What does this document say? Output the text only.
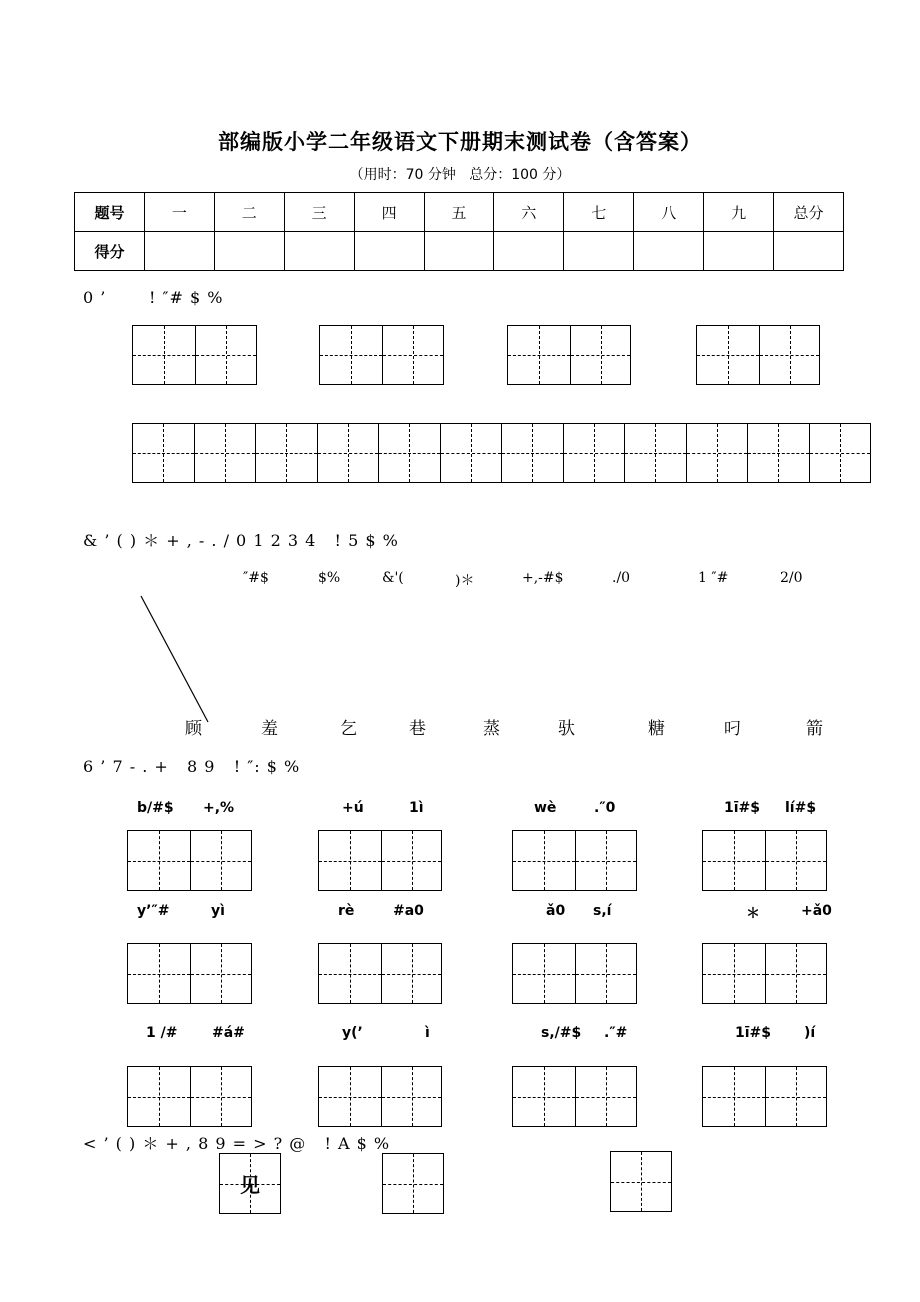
部编版小学二年级语文下册期末测试卷（含答案）
（用时：70 分钟   总分：100 分）
题号	一	二	三	四	五	六	七	八	九	总分
得分										
0 ’       ! ″# $ %
& ’ ( ) ＊ + , - . / 0 1 2 3 4   ! 5 $ %
″#$	$%	&'(	)＊	+,-#$	./0	1 ″#	2/0
顾	羞	乞	巷	蒸	驮	糖	叼	箭
6 ’ 7 - . +   8 9   ! ″: $ %
b/#$ +,%	+ú	1ì	wè	.″0	1ī#$ lí#$
y’″#	yì	rè	#a0	ǎ0 s,í	＊	+ǎ0
1 /# #á#	y(’	ì	s,/#$ .″#	1ī#$ )í
< ’ ( ) ＊ + , 8 9 = > ? @   ! A $ %
见
